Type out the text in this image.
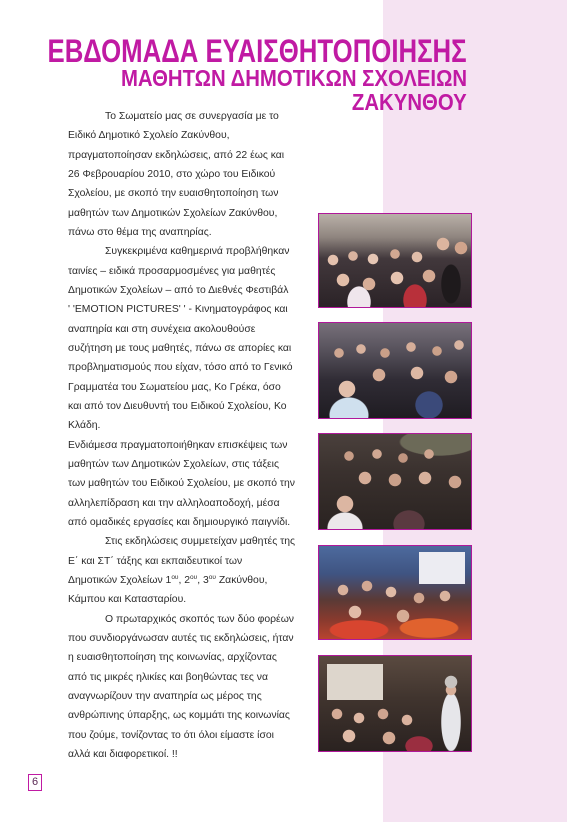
ΕΒΔΟΜΑΔΑ ΕΥΑΙΣΘΗΤΟΠΟΙΗΣΗΣ
ΜΑΘΗΤΩΝ ΔΗΜΟΤΙΚΩΝ ΣΧΟΛΕΙΩΝ
ΖΑΚΥΝΘΟΥ
Το Σωματείο μας σε συνεργασία με το
Ειδικό Δημοτικό Σχολείο Ζακύνθου,
πραγματοποίησαν εκδηλώσεις, από 22 έως και
26 Φεβρουαρίου 2010, στο χώρο του Ειδικού
Σχολείου, με σκοπό την ευαισθητοποίηση των
μαθητών των Δημοτικών Σχολείων Ζακύνθου,
πάνω στο θέμα της αναπηρίας.
Συγκεκριμένα καθημερινά προβλήθηκαν
ταινίες – ειδικά προσαρμοσμένες για μαθητές
Δημοτικών Σχολείων – από το Διεθνές Φεστιβάλ
' 'EMOTION PICTURES' ' - Κινηματογράφος και
αναπηρία και στη συνέχεια ακολουθούσε
συζήτηση με τους μαθητές, πάνω σε απορίες και
προβληματισμούς που είχαν, τόσο από το Γενικό
Γραμματέα του Σωματείου μας, Κο Γρέκα, όσο
και από τον Διευθυντή του Ειδικού Σχολείου, Κο
Κλάδη.
Ενδιάμεσα πραγματοποιήθηκαν επισκέψεις των
μαθητών των Δημοτικών Σχολείων, στις τάξεις
των μαθητών του Ειδικού Σχολείου, με σκοπό την
αλληλεπίδραση και την αλληλοαποδοχή, μέσα
από ομαδικές εργασίες και δημιουργικό παιγνίδι.
Στις εκδηλώσεις συμμετείχαν μαθητές της
Ε΄ και ΣΤ΄ τάξης και εκπαιδευτικοί των
Δημοτικών Σχολείων $1^{o\upsilon}$, $2^{o\upsilon}$, $3^{o\upsilon}$ Ζακύνθου,
Κάμπου και Κατασταρίου.
Ο πρωταρχικός σκοπός των δύο φορέων
που συνδιοργάνωσαν αυτές τις εκδηλώσεις, ήταν
η ευαισθητοποίηση της κοινωνίας, αρχίζοντας
από τις μικρές ηλικίες και βοηθώντας τες να
αναγνωρίζουν την αναπηρία ως μέρος της
ανθρώπινης ύπαρξης, ως κομμάτι της κοινωνίας
που ζούμε, τονίζοντας το ότι όλοι είμαστε ίσοι
αλλά και διαφορετικοί. !!
6
